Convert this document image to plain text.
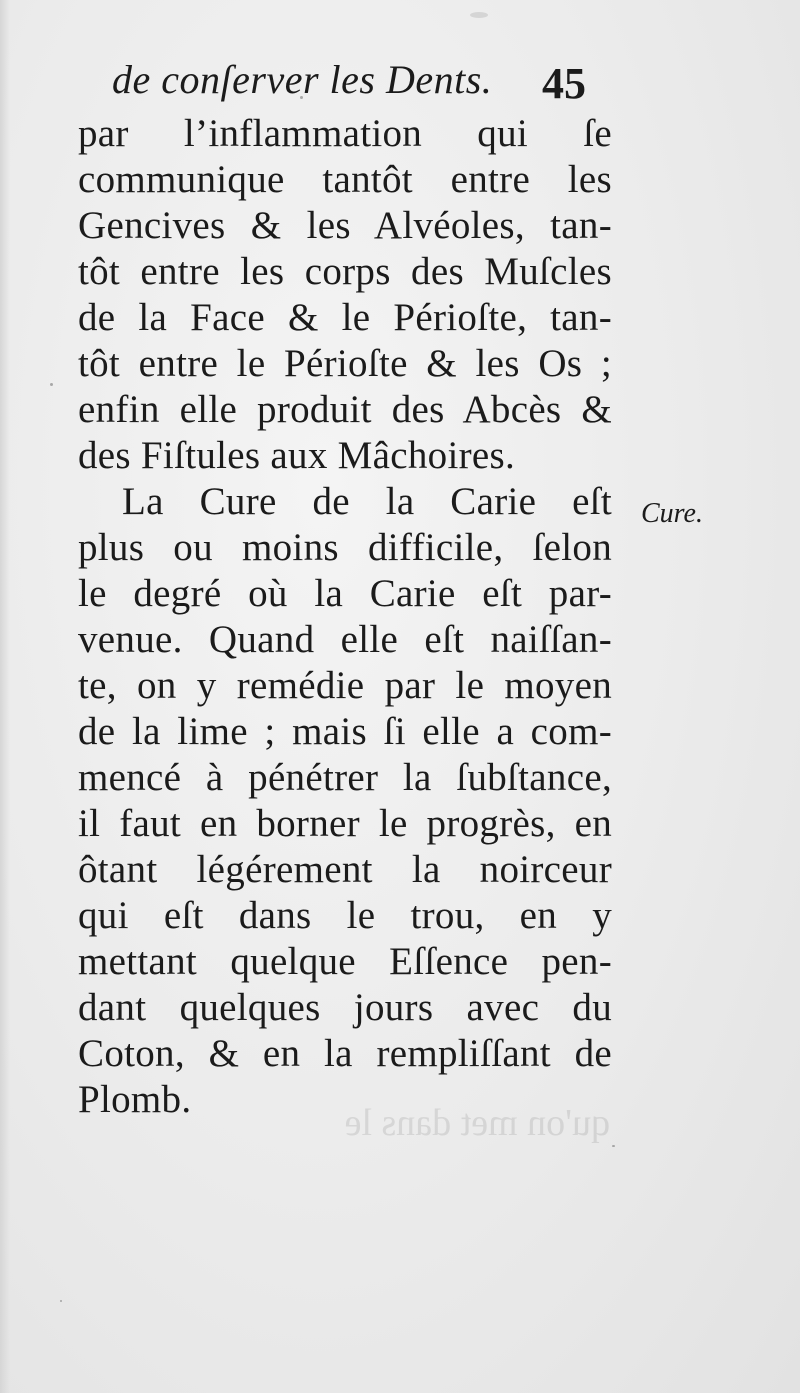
de conſerver les Dents. 45
par l’inflammation qui ſe
communique tantôt entre les
Gencives & les Alvéoles, tan-
tôt entre les corps des Muſcles
de la Face & le Périoſte, tan-
tôt entre le Périoſte & les Os ;
enfin elle produit des Abcès &
des Fiſtules aux Mâchoires.
La Cure de la Carie eſt
plus ou moins difficile, ſelon
le degré où la Carie eſt par-
venue. Quand elle eſt naiſſan-
te, on y remédie par le moyen
de la lime ; mais ſi elle a com-
mencé à pénétrer la ſubſtance,
il faut en borner le progrès, en
ôtant légérement la noirceur
qui eſt dans le trou, en y
mettant quelque Eſſence pen-
dant quelques jours avec du
Coton, & en la rempliſſant de
Plomb.
Cure.
qu'on met dans le
